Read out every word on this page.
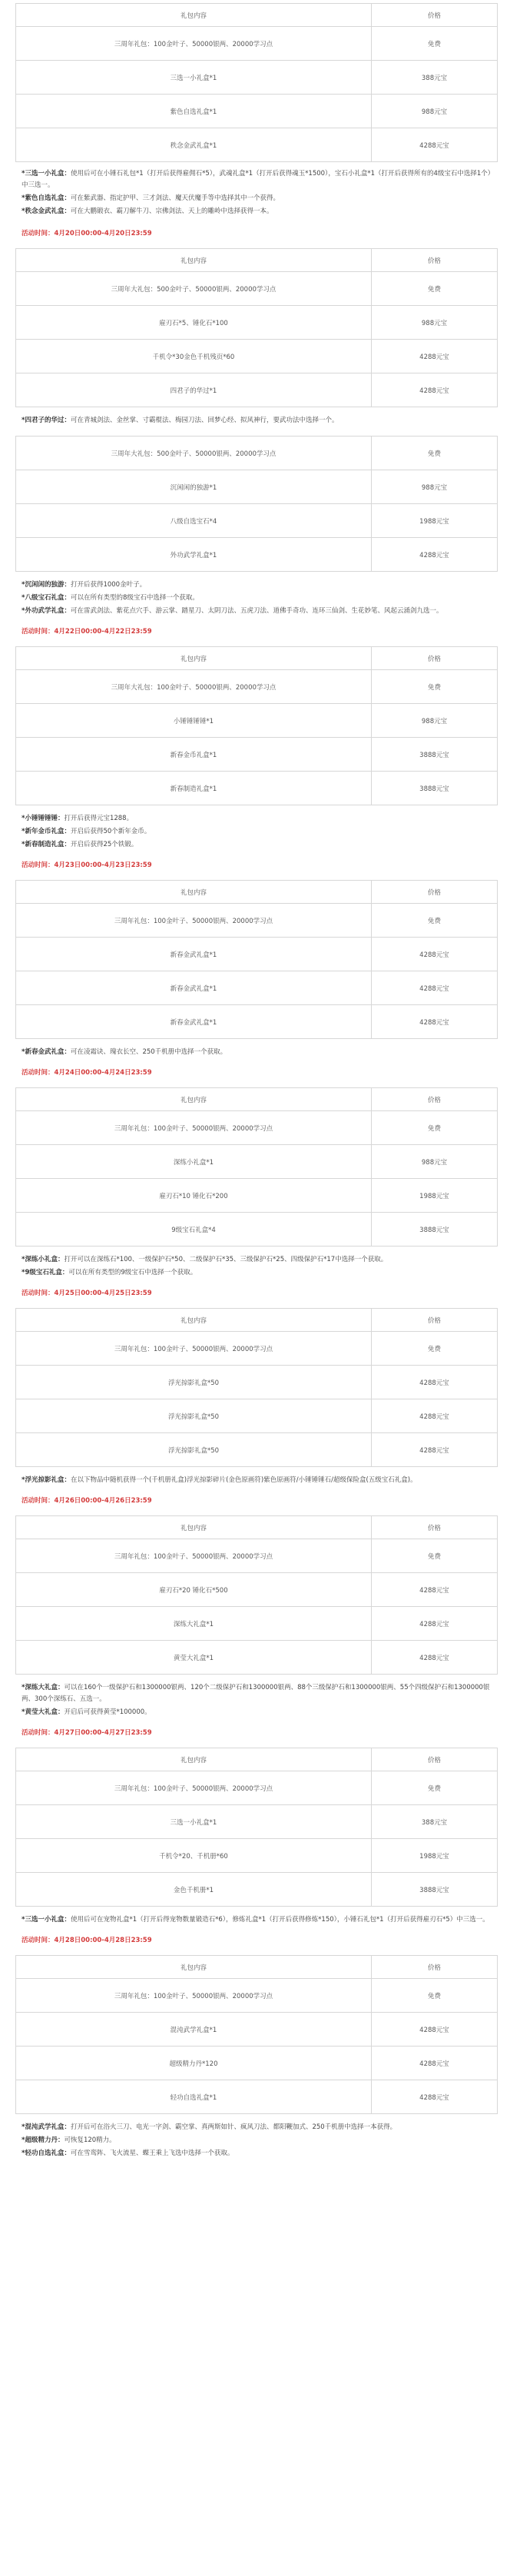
礼包内容	价格
三周年礼包：100金叶子、50000银两、20000学习点	免费
三选一小礼盒*1	388元宝
紫色自选礼盒*1	988元宝
秩念金武礼盒*1	4288元宝
*三选一小礼盒：使用后可在小锤石礼包*1（打开后获得雇佣石*5），武魂礼盒*1（打开后获得魂玉*1500），宝石小礼盒*1（打开后获得所有的4级宝石中选择1个）中三选一。
*紫色自选礼盒：可在紫武器、指定护甲、三才剑法、魔天伏魔手等中选择其中一个获得。
*秩念金武礼盒：可在大鹏锻衣、霸刀解牛刀、宗佛剑法、天上的雕岭中选择获得一本。
活动时间：4月20日00:00-4月20日23:59
礼包内容	价格
三周年大礼包：500金叶子、50000银两、20000学习点	免费
雇刃石*5、锤化石*100	988元宝
千机令*30金色千机残页*60	4288元宝
四君子的华过*1	4288元宝
*四君子的华过：可在青城剑法、金丝掌、寸霸棍法、梅园刀法、回梦心经、拟风神行，要武功法中选择一个。
三周年大礼包：500金叶子、50000银两、20000学习点	免费
沉闲闲的独游*1	988元宝
八级自选宝石*4	1988元宝
外功武学礼盒*1	4288元宝
*沉闲闲的独游：打开后获得1000金叶子。
*八级宝石礼盒：可以在所有类型的8级宝石中选择一个获取。
*外功武学礼盒：可在雷武剑法、紫花点穴手、游云掌、踏星刀、太阴刀法、五虎刀法、道佛手奇功、连环三仙剑、生花妙笔、风起云涌剑九选一。
活动时间：4月22日00:00-4月22日23:59
礼包内容	价格
三周年大礼包：100金叶子、50000银两、20000学习点	免费
小锤锤锤锤*1	988元宝
新春金币礼盒*1	3888元宝
新春制造礼盒*1	3888元宝
*小锤锤锤锤：打开后获得元宝1288。
*新年金币礼盒：开启后获得50个新年金币。
*新春制造礼盒：开启后获得25个铁锻。
活动时间：4月23日00:00-4月23日23:59
礼包内容	价格
三周年礼包：100金叶子、50000银两、20000学习点	免费
新春金武礼盒*1	4288元宝
新春金武礼盒*1	4288元宝
新春金武礼盒*1	4288元宝
*新春金武礼盒：可在凌霜诀、瑰衣长空、250千机册中选择一个获取。
活动时间：4月24日00:00-4月24日23:59
礼包内容	价格
三周年礼包：100金叶子、50000银两、20000学习点	免费
深练小礼盒*1	988元宝
雇刃石*10 锤化石*200	1988元宝
9级宝石礼盒*4	3888元宝
*深练小礼盒：打开可以在深练石*100、一级保护石*50、二级保护石*35、三级保护石*25、四级保护石*17中选择一个获取。
*9级宝石礼盒：可以在所有类型的9级宝石中选择一个获取。
活动时间：4月25日00:00-4月25日23:59
礼包内容	价格
三周年礼包：100金叶子、50000银两、20000学习点	免费
浮光掠影礼盒*50	4288元宝
浮光掠影礼盒*50	4288元宝
浮光掠影礼盒*50	4288元宝
*浮光掠影礼盒：在以下物品中随机获得一个(千机册礼盒)浮光掠影碎片(金色原画符)紫色原画符/小锤锤锤石/超级保险盒(五级宝石礼盒)。
活动时间：4月26日00:00-4月26日23:59
礼包内容	价格
三周年礼包：100金叶子、50000银两、20000学习点	免费
雇刃石*20 锤化石*500	4288元宝
深练大礼盒*1	4288元宝
黄莹大礼盒*1	4288元宝
*深练大礼盒：可以在160个一级保护石和1300000银两、120个二级保护石和1300000银两、88个三级保护石和1300000银两、55个四级保护石和1300000银两、300个深练石、五选一。
*黄莹大礼盒：开启后可获得黄莹*100000。
活动时间：4月27日00:00-4月27日23:59
礼包内容	价格
三周年礼包：100金叶子、50000银两、20000学习点	免费
三选一小礼盒*1	388元宝
千机令*20、千机册*60	1988元宝
金色千机册*1	3888元宝
*三选一小礼盒：使用后可在宠物礼盒*1（打开后得宠物数量锻造石*6），修炼礼盒*1（打开后获得修炼*150），小锤石礼包*1（打开后获得雇刃石*5）中三选一。
活动时间：4月28日00:00-4月28日23:59
礼包内容	价格
三周年礼包：100金叶子、50000银两、20000学习点	免费
混沌武学礼盒*1	4288元宝
超级精力丹*120	4288元宝
轻功自选礼盒*1	4288元宝
*混沌武学礼盒：打开后可在浴火三刀、电光一字剑、霸空掌、真两斯如针、疯风刀法、都阳鞭加式、250千机册中选择一本获得。
*超级精力丹：可恢复120精力。
*轻功自选礼盒：可在雪鸾阵、飞火流星、蝶王乘上飞选中选择一个获取。
